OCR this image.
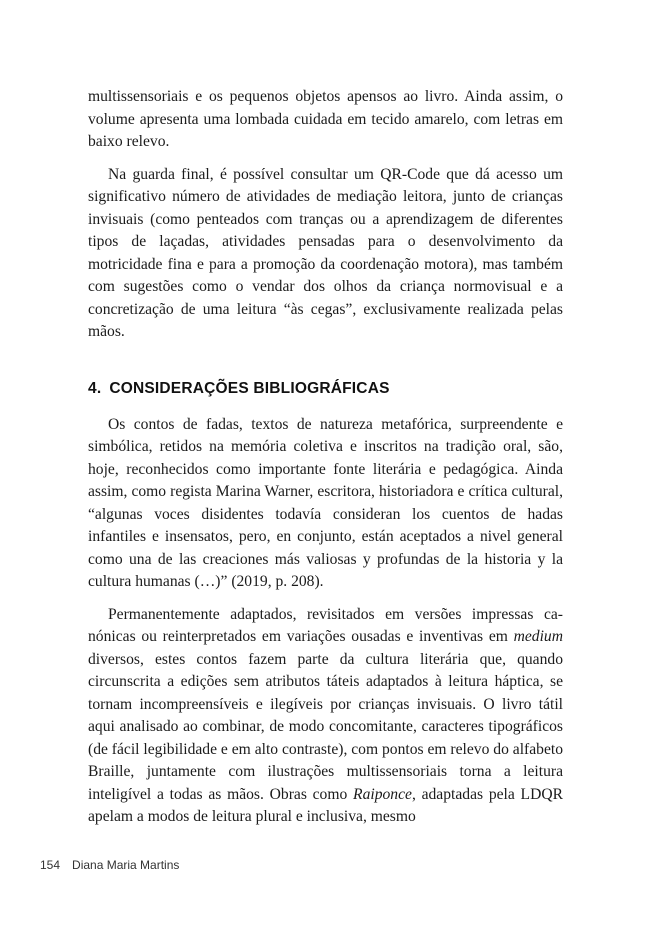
multissensoriais e os pequenos objetos apensos ao livro. Ainda assim, o volume apresenta uma lombada cuidada em tecido amarelo, com letras em baixo relevo.

Na guarda final, é possível consultar um QR-Code que dá acesso um significativo número de atividades de mediação leitora, junto de crianças invisuais (como penteados com tranças ou a aprendizagem de diferentes tipos de laçadas, atividades pensadas para o desenvolvimento da motricidade fina e para a promoção da coordenação motora), mas também com sugestões como o vendar dos olhos da criança normovisual e a concretização de uma leitura “às cegas”, exclusivamente realizada pelas mãos.

4. CONSIDERAÇÕES BIBLIOGRÁFICAS

Os contos de fadas, textos de natureza metafórica, surpreendente e simbólica, retidos na memória coletiva e inscritos na tradição oral, são, hoje, reconhecidos como importante fonte literária e pedagógica. Ainda assim, como regista Marina Warner, escritora, historiadora e crítica cultural, “algunas voces disidentes todavía consideran los cuentos de hadas infantiles e insensatos, pero, en conjunto, están aceptados a nivel general como una de las creaciones más valiosas y profundas de la historia y la cultura humanas (…)” (2019, p. 208).

Permanentemente adaptados, revisitados em versões impressas canónicas ou reinterpretados em variações ousadas e inventivas em medium diversos, estes contos fazem parte da cultura literária que, quando circunscrita a edições sem atributos táteis adaptados à leitura háptica, se tornam incompreensíveis e ilegíveis por crianças invisuais. O livro tátil aqui analisado ao combinar, de modo concomitante, caracteres tipográficos (de fácil legibilidade e em alto contraste), com pontos em relevo do alfabeto Braille, juntamente com ilustrações multissensoriais torna a leitura inteligível a todas as mãos. Obras como Raiponce, adaptadas pela LDQR apelam a modos de leitura plural e inclusiva, mesmo

154 Diana Maria Martins
